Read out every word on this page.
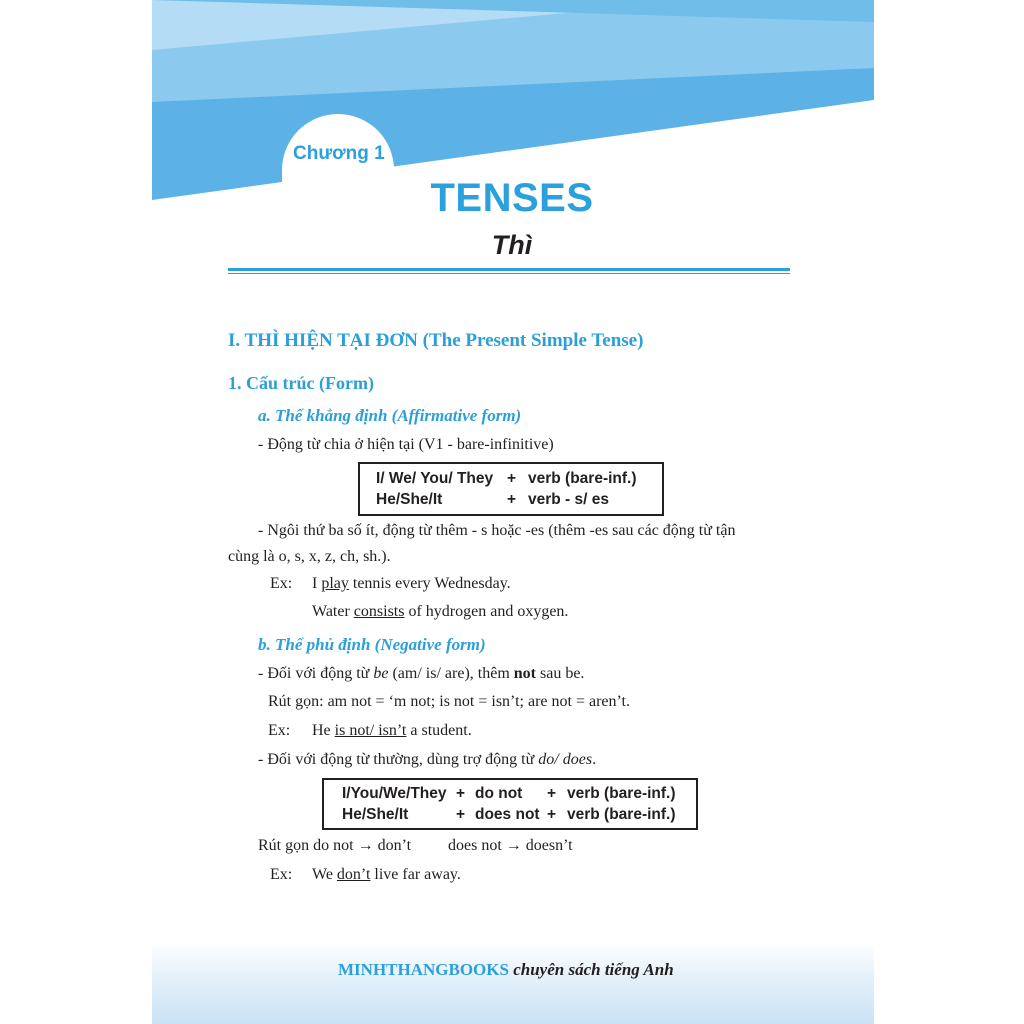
Chương 1
TENSES
Thì
I. THÌ HIỆN TẠI ĐƠN (The Present Simple Tense)
1. Cấu trúc (Form)
a. Thể khẳng định (Affirmative form)
- Động từ chia ở hiện tại (V1 - bare-infinitive)
I/ We/ You/ They + verb (bare-inf.)
He/She/It	+ verb - s/ es
- Ngôi thứ ba số ít, động từ thêm - s hoặc -es (thêm -es sau các động từ tận
cùng là o, s, x, z, ch, sh.).
Ex: I play tennis every Wednesday.
Water consists of hydrogen and oxygen.
b. Thể phủ định (Negative form)
- Đối với động từ be (am/ is/ are), thêm not sau be.
Rút gọn: am not = ‘m not; is not = isn’t; are not = aren’t.
Ex: He is not/ isn’t a student.
- Đối với động từ thường, dùng trợ động từ do/ does.
I/You/We/They + do not + verb (bare-inf.)
He/She/It	+ does not + verb (bare-inf.)
Rút gọn do not → don’t does not → doesn’t
Ex: We don’t live far away.
MINHTHANGBOOKS chuyên sách tiếng Anh
